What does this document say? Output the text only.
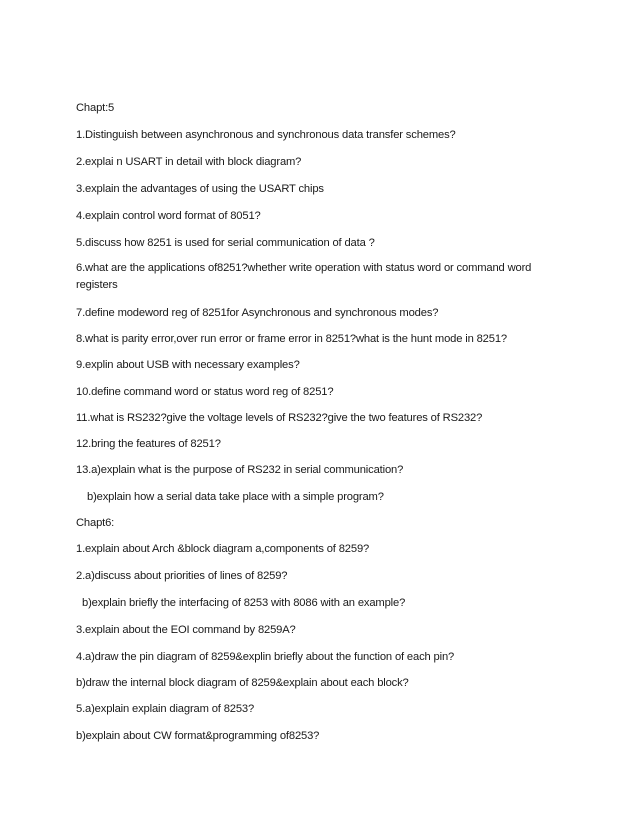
Chapt:5
1.Distinguish between asynchronous and synchronous data transfer schemes?
2.explai n USART in detail with block diagram?
3.explain the advantages of using the USART chips
4.explain control word format of 8051?
5.discuss how 8251 is used for serial communication of data ?
6.what are the applications of8251?whether write operation with status word or command word registers
7.define modeword reg of 8251for Asynchronous and synchronous modes?
8.what is parity error,over run error or frame error in 8251?what is the hunt mode in 8251?
9.explin about USB with necessary examples?
10.define command word or status word reg of 8251?
11.what is RS232?give the voltage levels of RS232?give the two features of RS232?
12.bring the features of 8251?
13.a)explain what is the purpose of RS232 in serial communication?
b)explain how a serial data take place with a simple program?
Chapt6:
1.explain about Arch &block diagram a,components of 8259?
2.a)discuss about priorities of lines of 8259?
b)explain briefly the interfacing of 8253 with 8086 with an example?
3.explain about the EOI command by 8259A?
4.a)draw the pin diagram of 8259&explin briefly about the function of each pin?
b)draw the internal block diagram of 8259&explain about each block?
5.a)explain explain diagram of 8253?
b)explain about CW format&programming of8253?
